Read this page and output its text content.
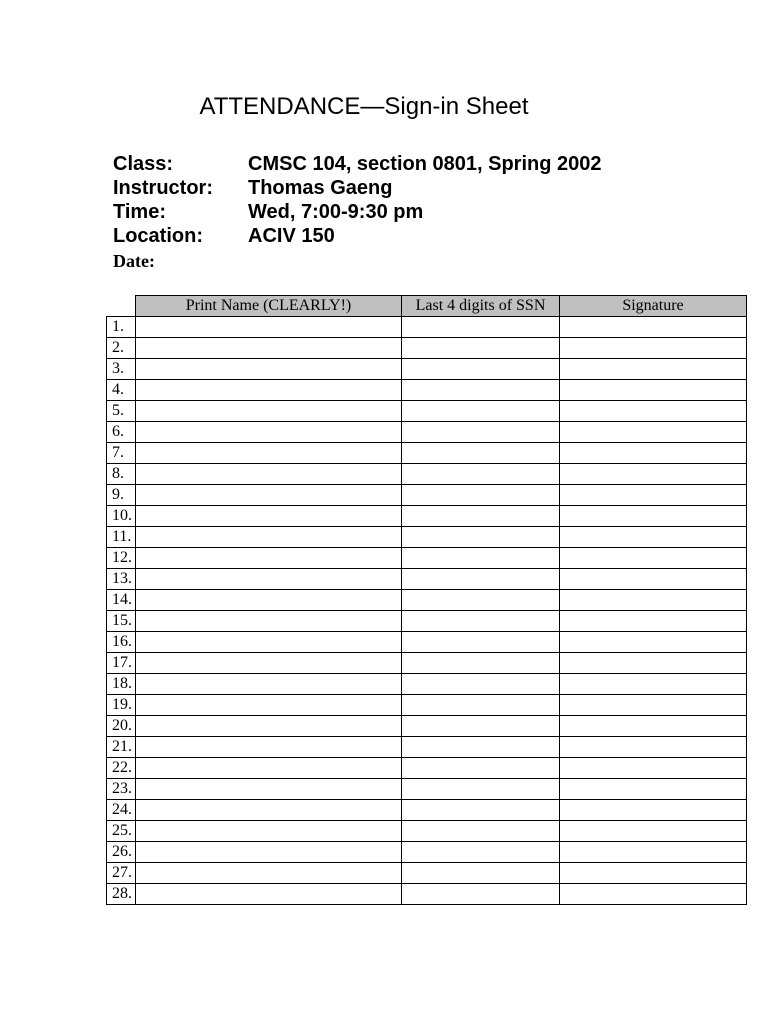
ATTENDANCE—Sign-in Sheet
Class:	CMSC 104, section 0801, Spring 2002
Instructor:	Thomas Gaeng
Time:	Wed, 7:00-9:30 pm
Location:	ACIV 150
Date:
	Print Name (CLEARLY!)	Last 4 digits of SSN	Signature
1.			
2.			
3.			
4.			
5.			
6.			
7.			
8.			
9.			
10.			
11.			
12.			
13.			
14.			
15.			
16.			
17.			
18.			
19.			
20.			
21.			
22.			
23.			
24.			
25.			
26.			
27.			
28.			
